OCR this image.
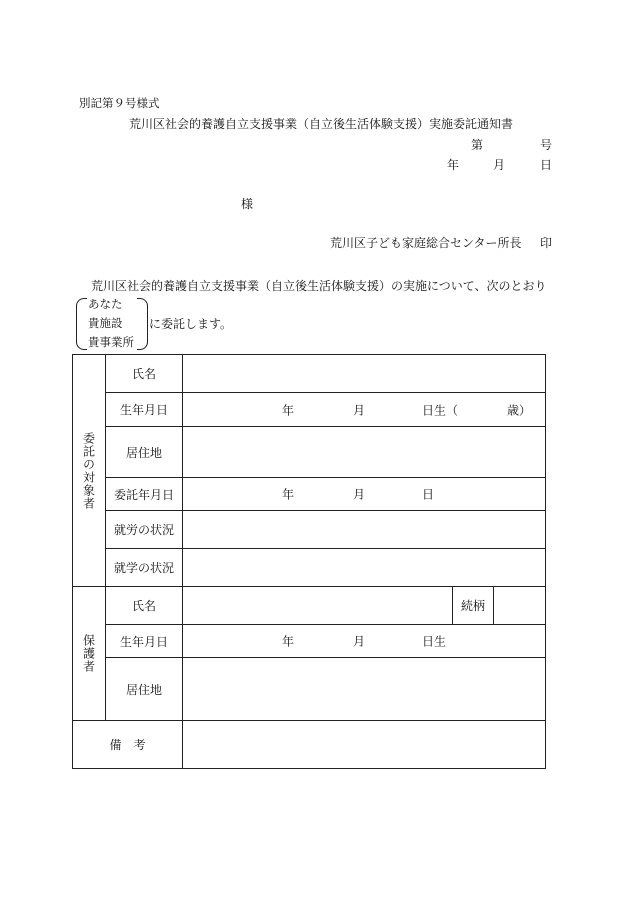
別記第９号様式
荒川区社会的養護自立支援事業（自立後生活体験支援）実施委託通知書
第	号
年	月	日
様
荒川区子ども家庭総合センター所長 印
荒川区社会的養護自立支援事業（自立後生活体験支援）の実施について、次のとおり
あなた
貴施設
貴事業所
に委託します。
委託の対象者	氏名			
	生年月日	年 月 日生（ 歳）		

	居住地			
	委託年月日	年 月 日		

	就労の状況			
	就学の状況			

保護者	氏名		続柄	
	生年月日	年 月 日生		

	居住地			
備　考				
